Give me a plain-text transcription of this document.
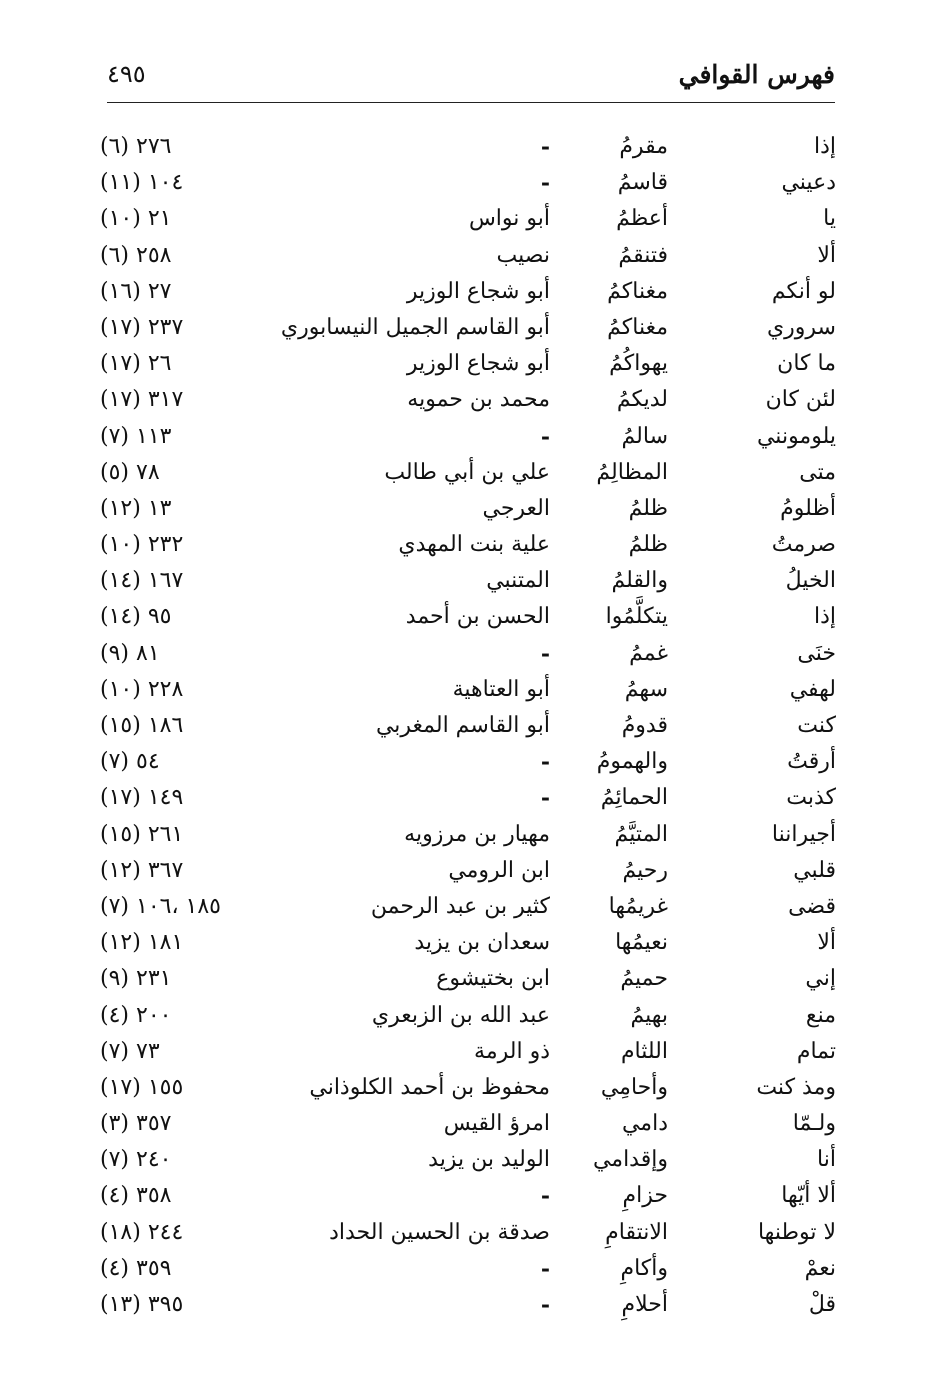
فهرس القوافي
٤٩٥
إذا
مقرمُ
-
٢٧٦ (٦)
دعيني
قاسمُ
-
١٠٤ (١١)
يا
أعظمُ
أبو نواس
٢١ (١٠)
ألا
فتنقمُ
نصيب
٢٥٨ (٦)
لو أنكم
مغناكمُ
أبو شجاع الوزير
٢٧ (١٦)
سروري
مغناكمُ
أبو القاسم الجميل النيسابوري
٢٣٧ (١٧)
ما كان
يهواكُمُ
أبو شجاع الوزير
٢٦ (١٧)
لئن كان
لديكمُ
محمد بن حمويه
٣١٧ (١٧)
يلومونني
سالمُ
-
١١٣ (٧)
متى
المظالِمُ
علي بن أبي طالب
٧٨ (٥)
أظلومُ
ظلمُ
العرجي
١٣ (١٢)
صرمتُ
ظلمُ
علية بنت المهدي
٢٣٢ (١٠)
الخيلُ
والقلمُ
المتنبي
١٦٧ (١٤)
إذا
يتكلَّمُوا
الحسن بن أحمد
٩٥ (١٤)
خنَى
غممُ
-
٨١ (٩)
لهفي
سهمُ
أبو العتاهية
٢٢٨ (١٠)
كنت
قدومُ
أبو القاسم المغربي
١٨٦ (١٥)
أرقتُ
والهمومُ
-
٥٤ (٧)
كذبت
الحمائِمُ
-
١٤٩ (١٧)
أجيراننا
المتيَّمُ
مهيار بن مرزويه
٢٦١ (١٥)
قلبي
رحيمُ
ابن الرومي
٣٦٧ (١٢)
قضى
غريمُها
كثير بن عبد الرحمن
١٨٥ ،١٠٦ (٧)
ألا
نعيمُها
سعدان بن يزيد
١٨١ (١٢)
إني
حميمُ
ابن بختيشوع
٢٣١ (٩)
منع
بهيمُ
عبد الله بن الزبعري
٢٠٠ (٤)
تمام
اللثام
ذو الرمة
٧٣ (٧)
ومذ كنت
وأحامِي
محفوظ بن أحمد الكلوذاني
١٥٥ (١٧)
ولـمّا
دامي
امرؤ القيس
٣٥٧ (٣)
أنا
وإقدامي
الوليد بن يزيد
٢٤٠ (٧)
ألا أيّها
حزامِ
-
٣٥٨ (٤)
لا توطنها
الانتقامِ
صدقة بن الحسين الحداد
٢٤٤ (١٨)
نعمْ
وأكامِ
-
٣٥٩ (٤)
قلْ
أحلامِ
-
٣٩٥ (١٣)
